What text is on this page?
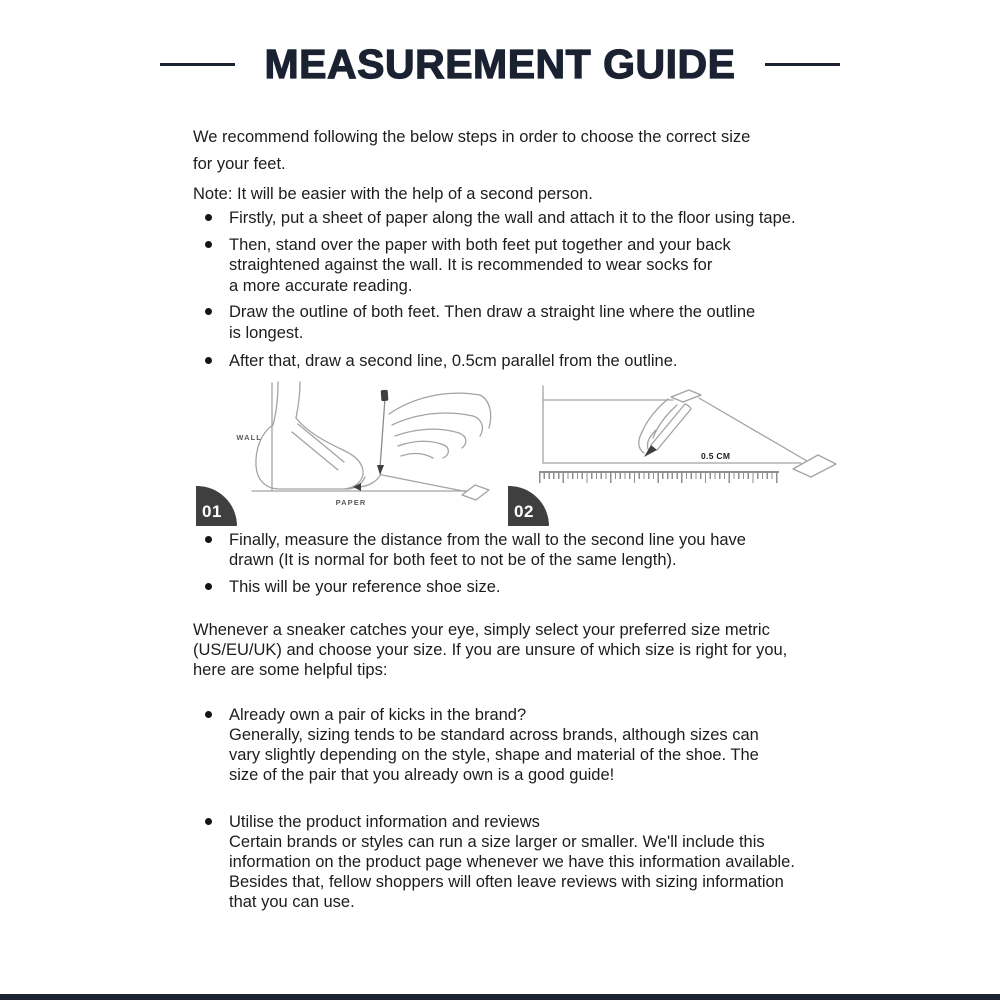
MEASUREMENT GUIDE
We recommend following the below steps in order to choose the correct size
for your feet.
Note: It will be easier with the help of a second person.
Firstly, put a sheet of paper along the wall and attach it to the floor using tape.
Then, stand over the paper with both feet put together and your back
straightened against the wall. It is recommended to wear socks for
a more accurate reading.
Draw the outline of both feet. Then draw a straight line where the outline
is longest.
After that, draw a second line, 0.5cm parallel from the outline.
WALL
PAPER
0.5 CM
01	02
Finally, measure the distance from the wall to the second line you have
drawn (It is normal for both feet to not be of the same length).
This will be your reference shoe size.
Whenever a sneaker catches your eye, simply select your preferred size metric
(US/EU/UK) and choose your size. If you are unsure of which size is right for you,
here are some helpful tips:
Already own a pair of kicks in the brand?
Generally, sizing tends to be standard across brands, although sizes can
vary slightly depending on the style, shape and material of the shoe. The
size of the pair that you already own is a good guide!
Utilise the product information and reviews
Certain brands or styles can run a size larger or smaller. We'll include this
information on the product page whenever we have this information available.
Besides that, fellow shoppers will often leave reviews with sizing information
that you can use.
